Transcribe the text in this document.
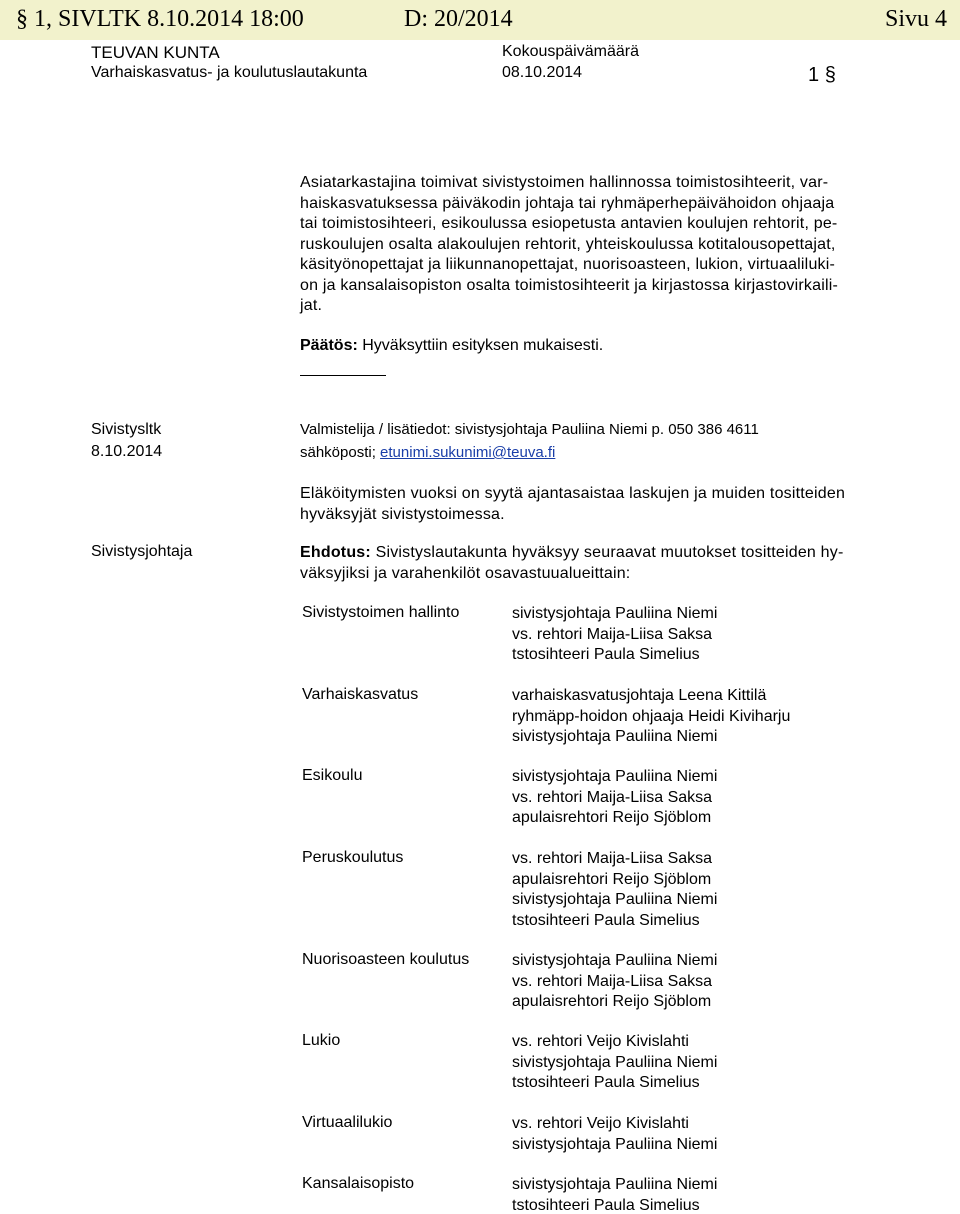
§ 1, SIVLTK 8.10.2014 18:00	D: 20/2014	Sivu 4
TEUVAN KUNTA
Varhaiskasvatus- ja koulutuslautakunta
Kokouspäivämäärä
08.10.2014	1 §
Asiatarkastajina toimivat sivistystoimen hallinnossa toimistosihteerit, var-
haiskasvatuksessa päiväkodin johtaja tai ryhmäperhepäivähoidon ohjaaja
tai toimistosihteeri, esikoulussa esiopetusta antavien koulujen rehtorit, pe-
ruskoulujen osalta alakoulujen rehtorit, yhteiskoulussa kotitalousopettajat,
käsityönopettajat ja liikunnanopettajat, nuorisoasteen, lukion, virtuaaliluki-
on ja kansalaisopiston osalta toimistosihteerit ja kirjastossa kirjastovirkaili-
jat.
Päätös: Hyväksyttiin esityksen mukaisesti.
Sivistysltk
8.10.2014
Valmistelija / lisätiedot: sivistysjohtaja Pauliina Niemi p. 050 386 4611
sähköposti; etunimi.sukunimi@teuva.fi
Eläköitymisten vuoksi on syytä ajantasaistaa laskujen ja muiden tositteiden
hyväksyjät sivistystoimessa.
Sivistysjohtaja	Ehdotus: Sivistyslautakunta hyväksyy seuraavat muutokset tositteiden hy-
väksyjiksi ja varahenkilöt osavastuualueittain:
Sivistystoimen hallinto	sivistysjohtaja Pauliina Niemi
vs. rehtori Maija-Liisa Saksa
tstosihteeri Paula Simelius
Varhaiskasvatus	varhaiskasvatusjohtaja Leena Kittilä
ryhmäpp-hoidon ohjaaja Heidi Kiviharju
sivistysjohtaja Pauliina Niemi
Esikoulu	sivistysjohtaja Pauliina Niemi
vs. rehtori Maija-Liisa Saksa
apulaisrehtori Reijo Sjöblom
Peruskoulutus	vs. rehtori Maija-Liisa Saksa
apulaisrehtori Reijo Sjöblom
sivistysjohtaja Pauliina Niemi
tstosihteeri Paula Simelius
Nuorisoasteen koulutus	sivistysjohtaja Pauliina Niemi
vs. rehtori Maija-Liisa Saksa
apulaisrehtori Reijo Sjöblom
Lukio	vs. rehtori Veijo Kivislahti
sivistysjohtaja Pauliina Niemi
tstosihteeri Paula Simelius
Virtuaalilukio	vs. rehtori Veijo Kivislahti
sivistysjohtaja Pauliina Niemi
Kansalaisopisto	sivistysjohtaja Pauliina Niemi
tstosihteeri Paula Simelius
